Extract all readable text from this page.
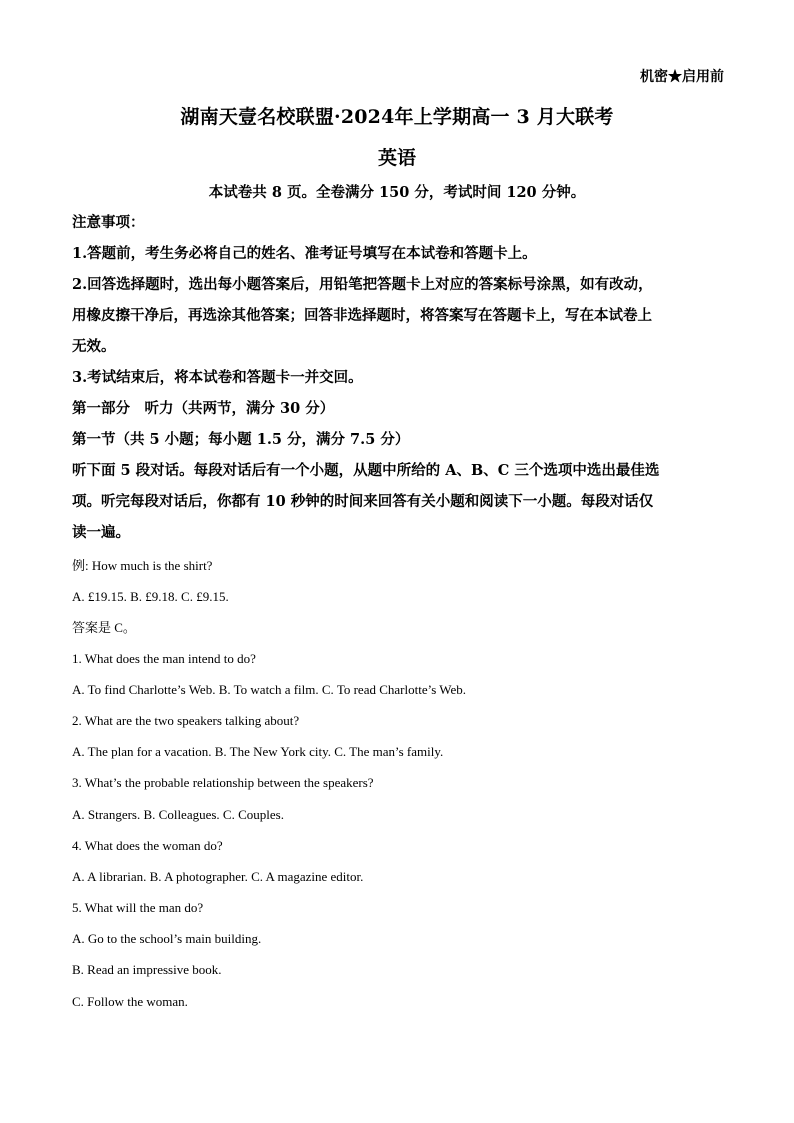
机密★启用前
湖南天壹名校联盟·2024年上学期高一 3 月大联考
英语
本试卷共 8 页。全卷满分 150 分，考试时间 120 分钟。
注意事项：
1.答题前，考生务必将自己的姓名、准考证号填写在本试卷和答题卡上。
2.回答选择题时，选出每小题答案后，用铅笔把答题卡上对应的答案标号涂黑，如有改动，
用橡皮擦干净后，再选涂其他答案；回答非选择题时，将答案写在答题卡上，写在本试卷上
无效。
3.考试结束后，将本试卷和答题卡一并交回。
第一部分　听力（共两节，满分 30 分）
第一节（共 5 小题；每小题 1.5 分，满分 7.5 分）
听下面 5 段对话。每段对话后有一个小题，从题中所给的 A、B、C 三个选项中选出最佳选
项。听完每段对话后，你都有 10 秒钟的时间来回答有关小题和阅读下一小题。每段对话仅
读一遍。
例: How much is the shirt?
A. £19.15. B. £9.18. C. £9.15.
答案是 C。
1. What does the man intend to do?
A. To find Charlotte’s Web. B. To watch a film. C. To read Charlotte’s Web.
2. What are the two speakers talking about?
A. The plan for a vacation. B. The New York city. C. The man’s family.
3. What’s the probable relationship between the speakers?
A. Strangers. B. Colleagues. C. Couples.
4. What does the woman do?
A. A librarian. B. A photographer. C. A magazine editor.
5. What will the man do?
A. Go to the school’s main building.
B. Read an impressive book.
C. Follow the woman.
